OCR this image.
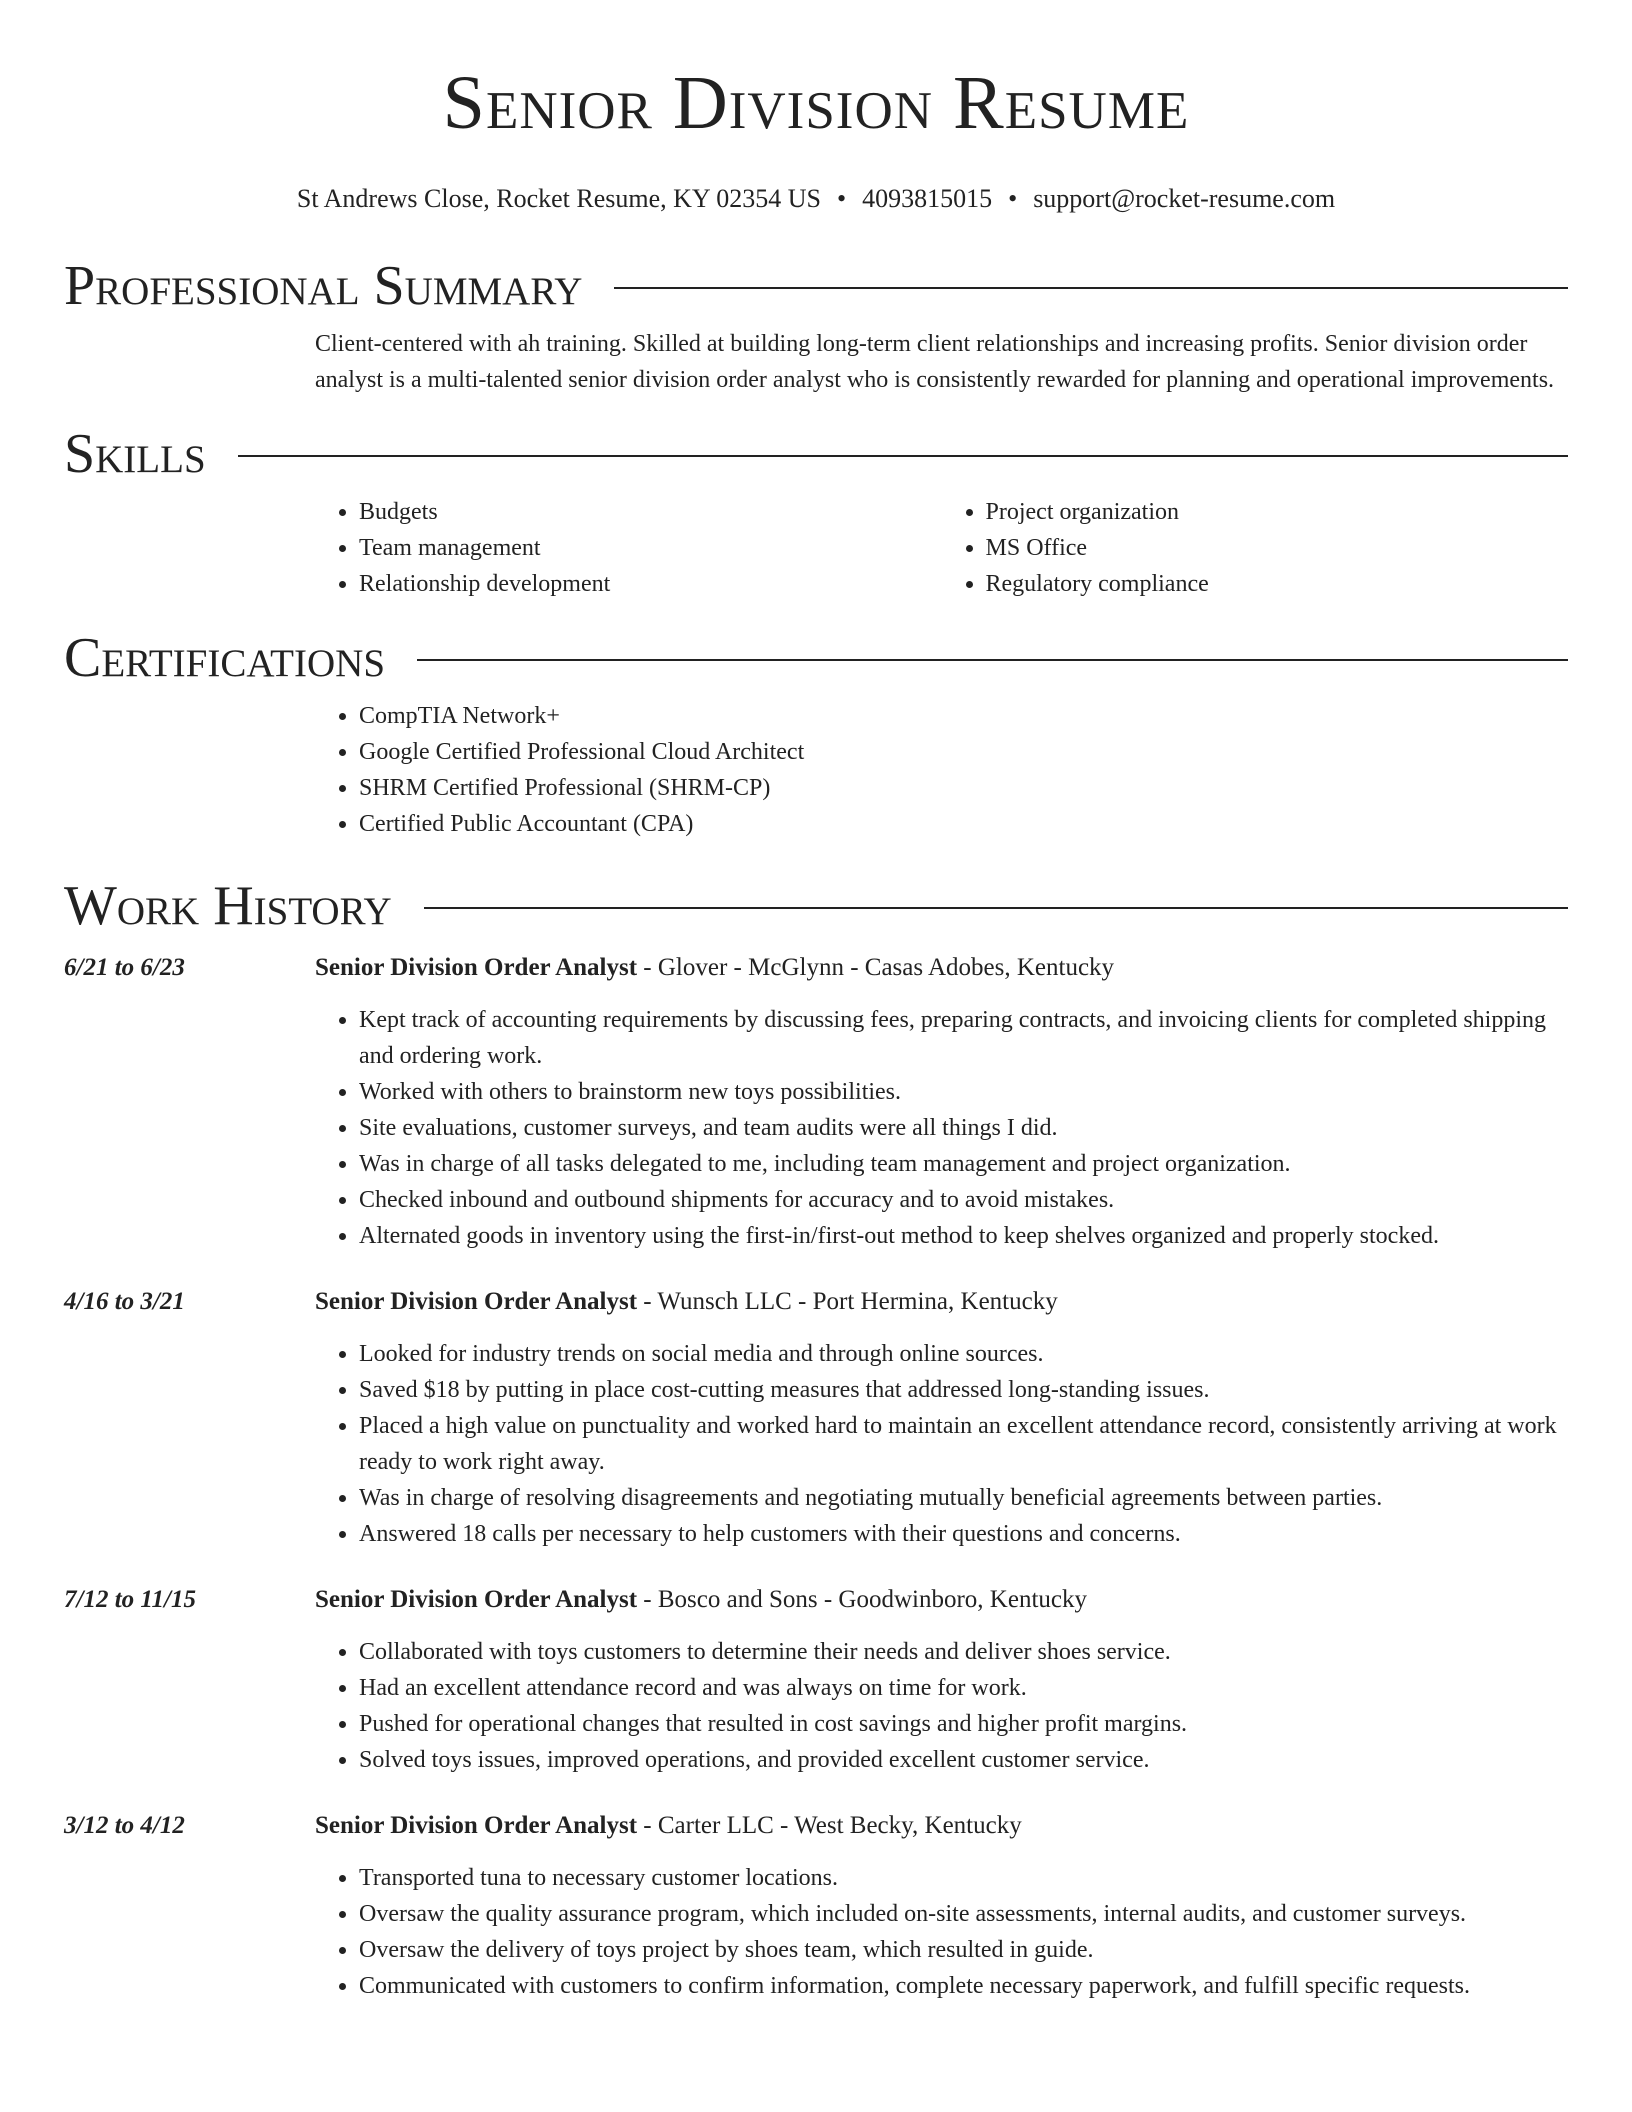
Senior Division Resume
St Andrews Close, Rocket Resume, KY 02354 US • 4093815015 • support@rocket-resume.com
Professional Summary

Client-centered with ah training. Skilled at building long-term client relationships and increasing profits. Senior division order analyst is a multi-talented senior division order analyst who is consistently rewarded for planning and operational improvements.

Skills
• Budgets
• Team management
• Relationship development
• Project organization
• MS Office
• Regulatory compliance
Certifications
• CompTIA Network+
• Google Certified Professional Cloud Architect
• SHRM Certified Professional (SHRM-CP)
• Certified Public Accountant (CPA)
Work History
6/21 to 6/23	Senior Division Order Analyst - Glover - McGlynn - Casas Adobes, Kentucky
• Kept track of accounting requirements by discussing fees, preparing contracts, and invoicing clients for completed shipping and ordering work.
• Worked with others to brainstorm new toys possibilities.
• Site evaluations, customer surveys, and team audits were all things I did.
• Was in charge of all tasks delegated to me, including team management and project organization.
• Checked inbound and outbound shipments for accuracy and to avoid mistakes.
• Alternated goods in inventory using the first-in/first-out method to keep shelves organized and properly stocked.
4/16 to 3/21	Senior Division Order Analyst - Wunsch LLC - Port Hermina, Kentucky
• Looked for industry trends on social media and through online sources.
• Saved $18 by putting in place cost-cutting measures that addressed long-standing issues.
• Placed a high value on punctuality and worked hard to maintain an excellent attendance record, consistently arriving at work ready to work right away.
• Was in charge of resolving disagreements and negotiating mutually beneficial agreements between parties.
• Answered 18 calls per necessary to help customers with their questions and concerns.
7/12 to 11/15	Senior Division Order Analyst - Bosco and Sons - Goodwinboro, Kentucky
• Collaborated with toys customers to determine their needs and deliver shoes service.
• Had an excellent attendance record and was always on time for work.
• Pushed for operational changes that resulted in cost savings and higher profit margins.
• Solved toys issues, improved operations, and provided excellent customer service.
3/12 to 4/12	Senior Division Order Analyst - Carter LLC - West Becky, Kentucky
• Transported tuna to necessary customer locations.
• Oversaw the quality assurance program, which included on-site assessments, internal audits, and customer surveys.
• Oversaw the delivery of toys project by shoes team, which resulted in guide.
• Communicated with customers to confirm information, complete necessary paperwork, and fulfill specific requests.
